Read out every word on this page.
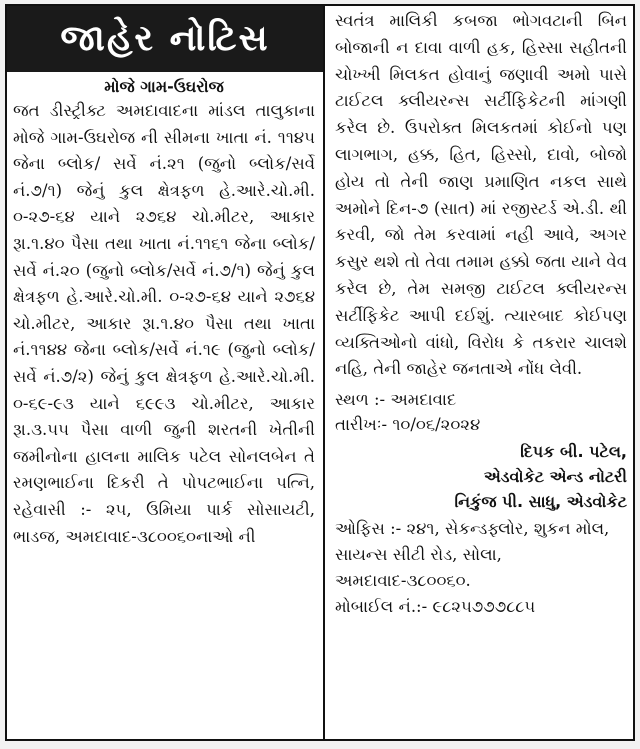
જાહેર નોટિસ
મોજે ગામ-ઉઘરોજ

જત ડીસ્ટ્રીક્ટ અમદાવાદના માંડલ તાલુકાના મોજે ગામ-ઉઘરોજ ની સીમના ખાતા નં. ૧૧૪૫ જેના બ્લોક/ સર્વે નં.૨૧ (જુનો બ્લોક/સર્વે નં.૭/૧) જેનું કુલ ક્ષેત્રફળ હે.આરે.ચો.મી. ૦-૨૭-૬૪ યાને ૨૭૬૪ ચો.મીટર, આકાર રૂા.૧.૪૦ પૈસા તથા ખાતા નં.૧૧૬૧ જેના બ્લોક/સર્વે નં.૨૦ (જુનો બ્લોક/સર્વે નં.૭/૧) જેનું કુલ ક્ષેત્રફળ હે.આરે.ચો.મી. ૦-૨૭-૬૪ યાને ૨૭૬૪ ચો.મીટર, આકાર રૂા.૧.૪૦ પૈસા તથા ખાતા નં.૧૧૪૪ જેના બ્લોક/સર્વે નં.૧૯ (જુનો બ્લોક/ સર્વે નં.૭/૨) જેનું કુલ ક્ષેત્રફળ હે.આરે.ચો.મી. ૦-૬૯-૯૩ યાને ૬૯૯૩ ચો.મીટર, આકાર રૂા.૩.૫૫ પૈસા વાળી જુની શરતની ખેતીની જમીનોના હાલના માલિક પટેલ સોનલબેન તે રમણભાઈના દિકરી તે પોપટભાઈના પત્નિ, રહેવાસી :- ૨૫, ઉમિયા પાર્ક સોસાયટી, ભાડજ, અમદાવાદ-૩૮૦૦૬૦નાઓ ની

સ્વતંત્ર માલિકી કબજા ભોગવટાની બિન બોજાની ન દાવા વાળી હક, હિસ્સા સહીતની ચોખ્ખી મિલકત હોવાનું જણાવી અમો પાસે ટાઈટલ ક્લીયરન્સ સર્ટીફિકેટની માંગણી કરેલ છે. ઉપરોક્ત મિલકતમાં કોઈનો પણ લાગભાગ, હક્ક, હિત, હિસ્સો, દાવો, બોજો હોય તો તેની જાણ પ્રમાણિત નકલ સાથે અમોને દિન-૭ (સાત) માં રજીસ્ટર્ડ એ.ડી. થી કરવી, જો તેમ કરવામાં નહી આવે, અગર કસુર થશે તો તેવા તમામ હક્કો જતા યાને વેવ કરેલ છે, તેમ સમજી ટાઈટલ ક્લીયરન્સ સર્ટીફિકેટ આપી દઈશું. ત્યારબાદ કોઈપણ વ્યક્તિઓનો વાંધો, વિરોધ કે તકરાર ચાલશે નહિ, તેની જાહેર જનતાએ નોંધ લેવી.

સ્થળ :- અમદાવાદ
તારીખઃ- ૧૦/૦૬/૨૦૨૪
દિપક બી. પટેલ,
એડવોકેટ એન્ડ નોટરી
નિકુંજ પી. સાધુ, એડવોકેટ
ઓફિસ :- ૨૪૧, સેકન્ડફ્લોર, શુકન મોલ, સાયન્સ સીટી રોડ, સોલા, અમદાવાદ-૩૮૦૦૬૦.
મોબાઈલ નં.:- ૯૮૨૫૭૭૭૮૮૫
